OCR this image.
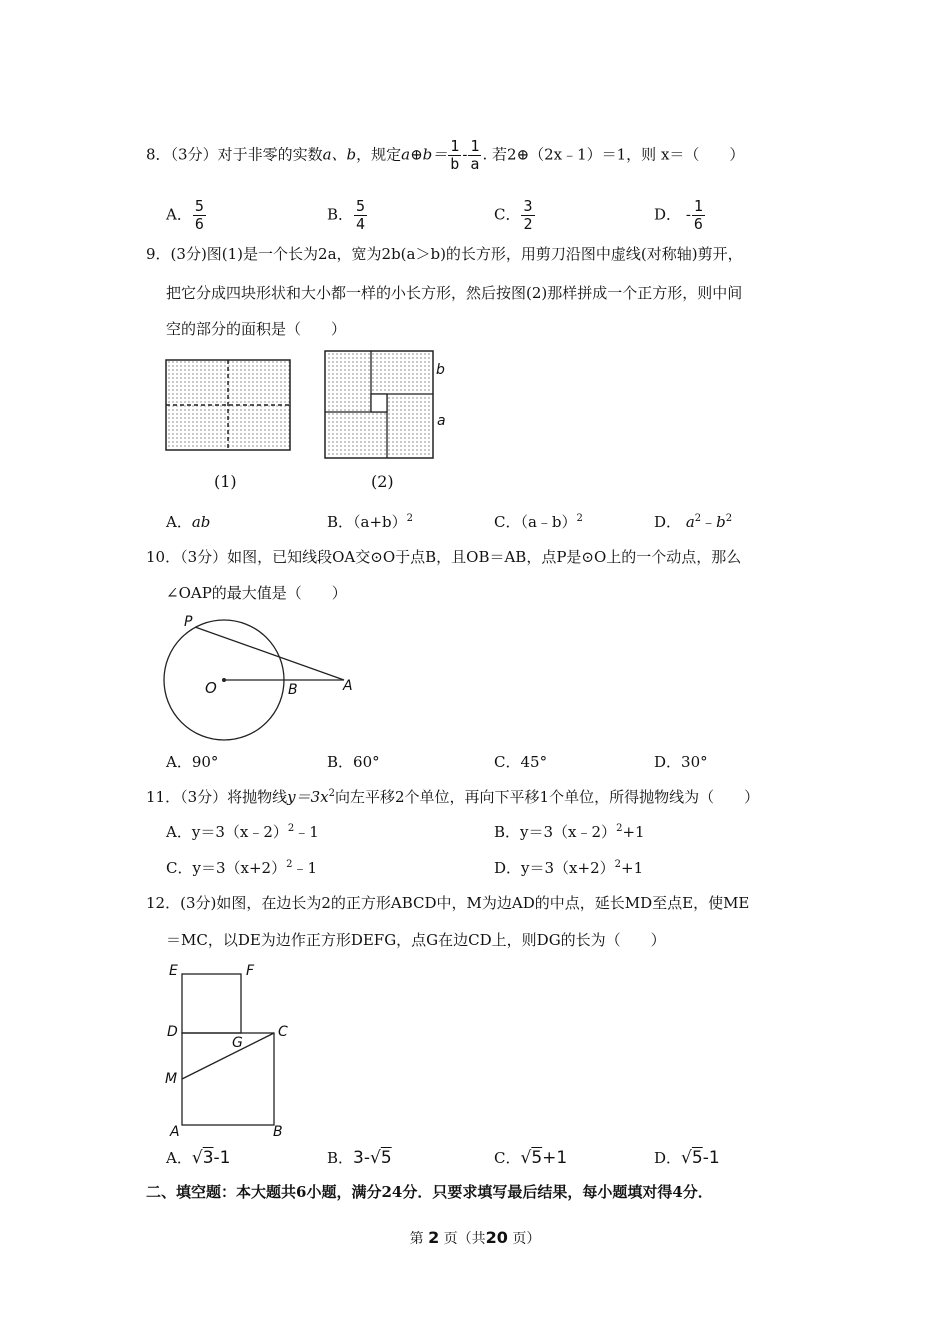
8．（3分）对于非零的实数a、b，规定a⊕b＝ $\frac{1}{b} - \frac{1}{a}$ . 若2⊕（2x﹣1）＝1，则 x＝（　　）
A． $\frac{5}{6}$	B． $\frac{5}{4}$	C． $\frac{3}{2}$	D． - $\frac{1}{6}$
9．(3分)图(1)是一个长为2a，宽为2b(a＞b)的长方形，用剪刀沿图中虚线(对称轴)剪开，
把它分成四块形状和大小都一样的小长方形，然后按图(2)那样拼成一个正方形，则中间
空的部分的面积是（　　）
b
a
(1)	(2)
A．ab	B．$(a+b)^2$	C．（a﹣b）$^2$	D． $a^2﹣b^2$
10．（3分）如图，已知线段OA交⊙O于点B，且OB＝AB，点P是⊙O上的一个动点，那么
∠OAP的最大值是（　　）
P
O	B	A
A．90°	B．60°	C．45°	D．30°
11．（3分）将抛物线$y=3x^2$向左平移2个单位，再向下平移1个单位，所得抛物线为（　　）
A．y＝3（x﹣2）$^2$﹣1	B．y＝3（x﹣2）$^2$+1
C．$y=3(x+2)^2﹣1$	D．$y=3(x+2)^2+1$
12．(3分)如图，在边长为2的正方形ABCD中，M为边AD的中点，延长MD至点E，使ME
＝MC，以DE为边作正方形DEFG，点G在边CD上，则DG的长为（　　）
E	F
D
G
C
M
A	B
A．√3-1	B．3-√5	C．√5+1	D．√5-1
二、填空题：本大题共6小题，满分24分．只要求填写最后结果，每小题填对得4分．
第 2 页（共20 页）
